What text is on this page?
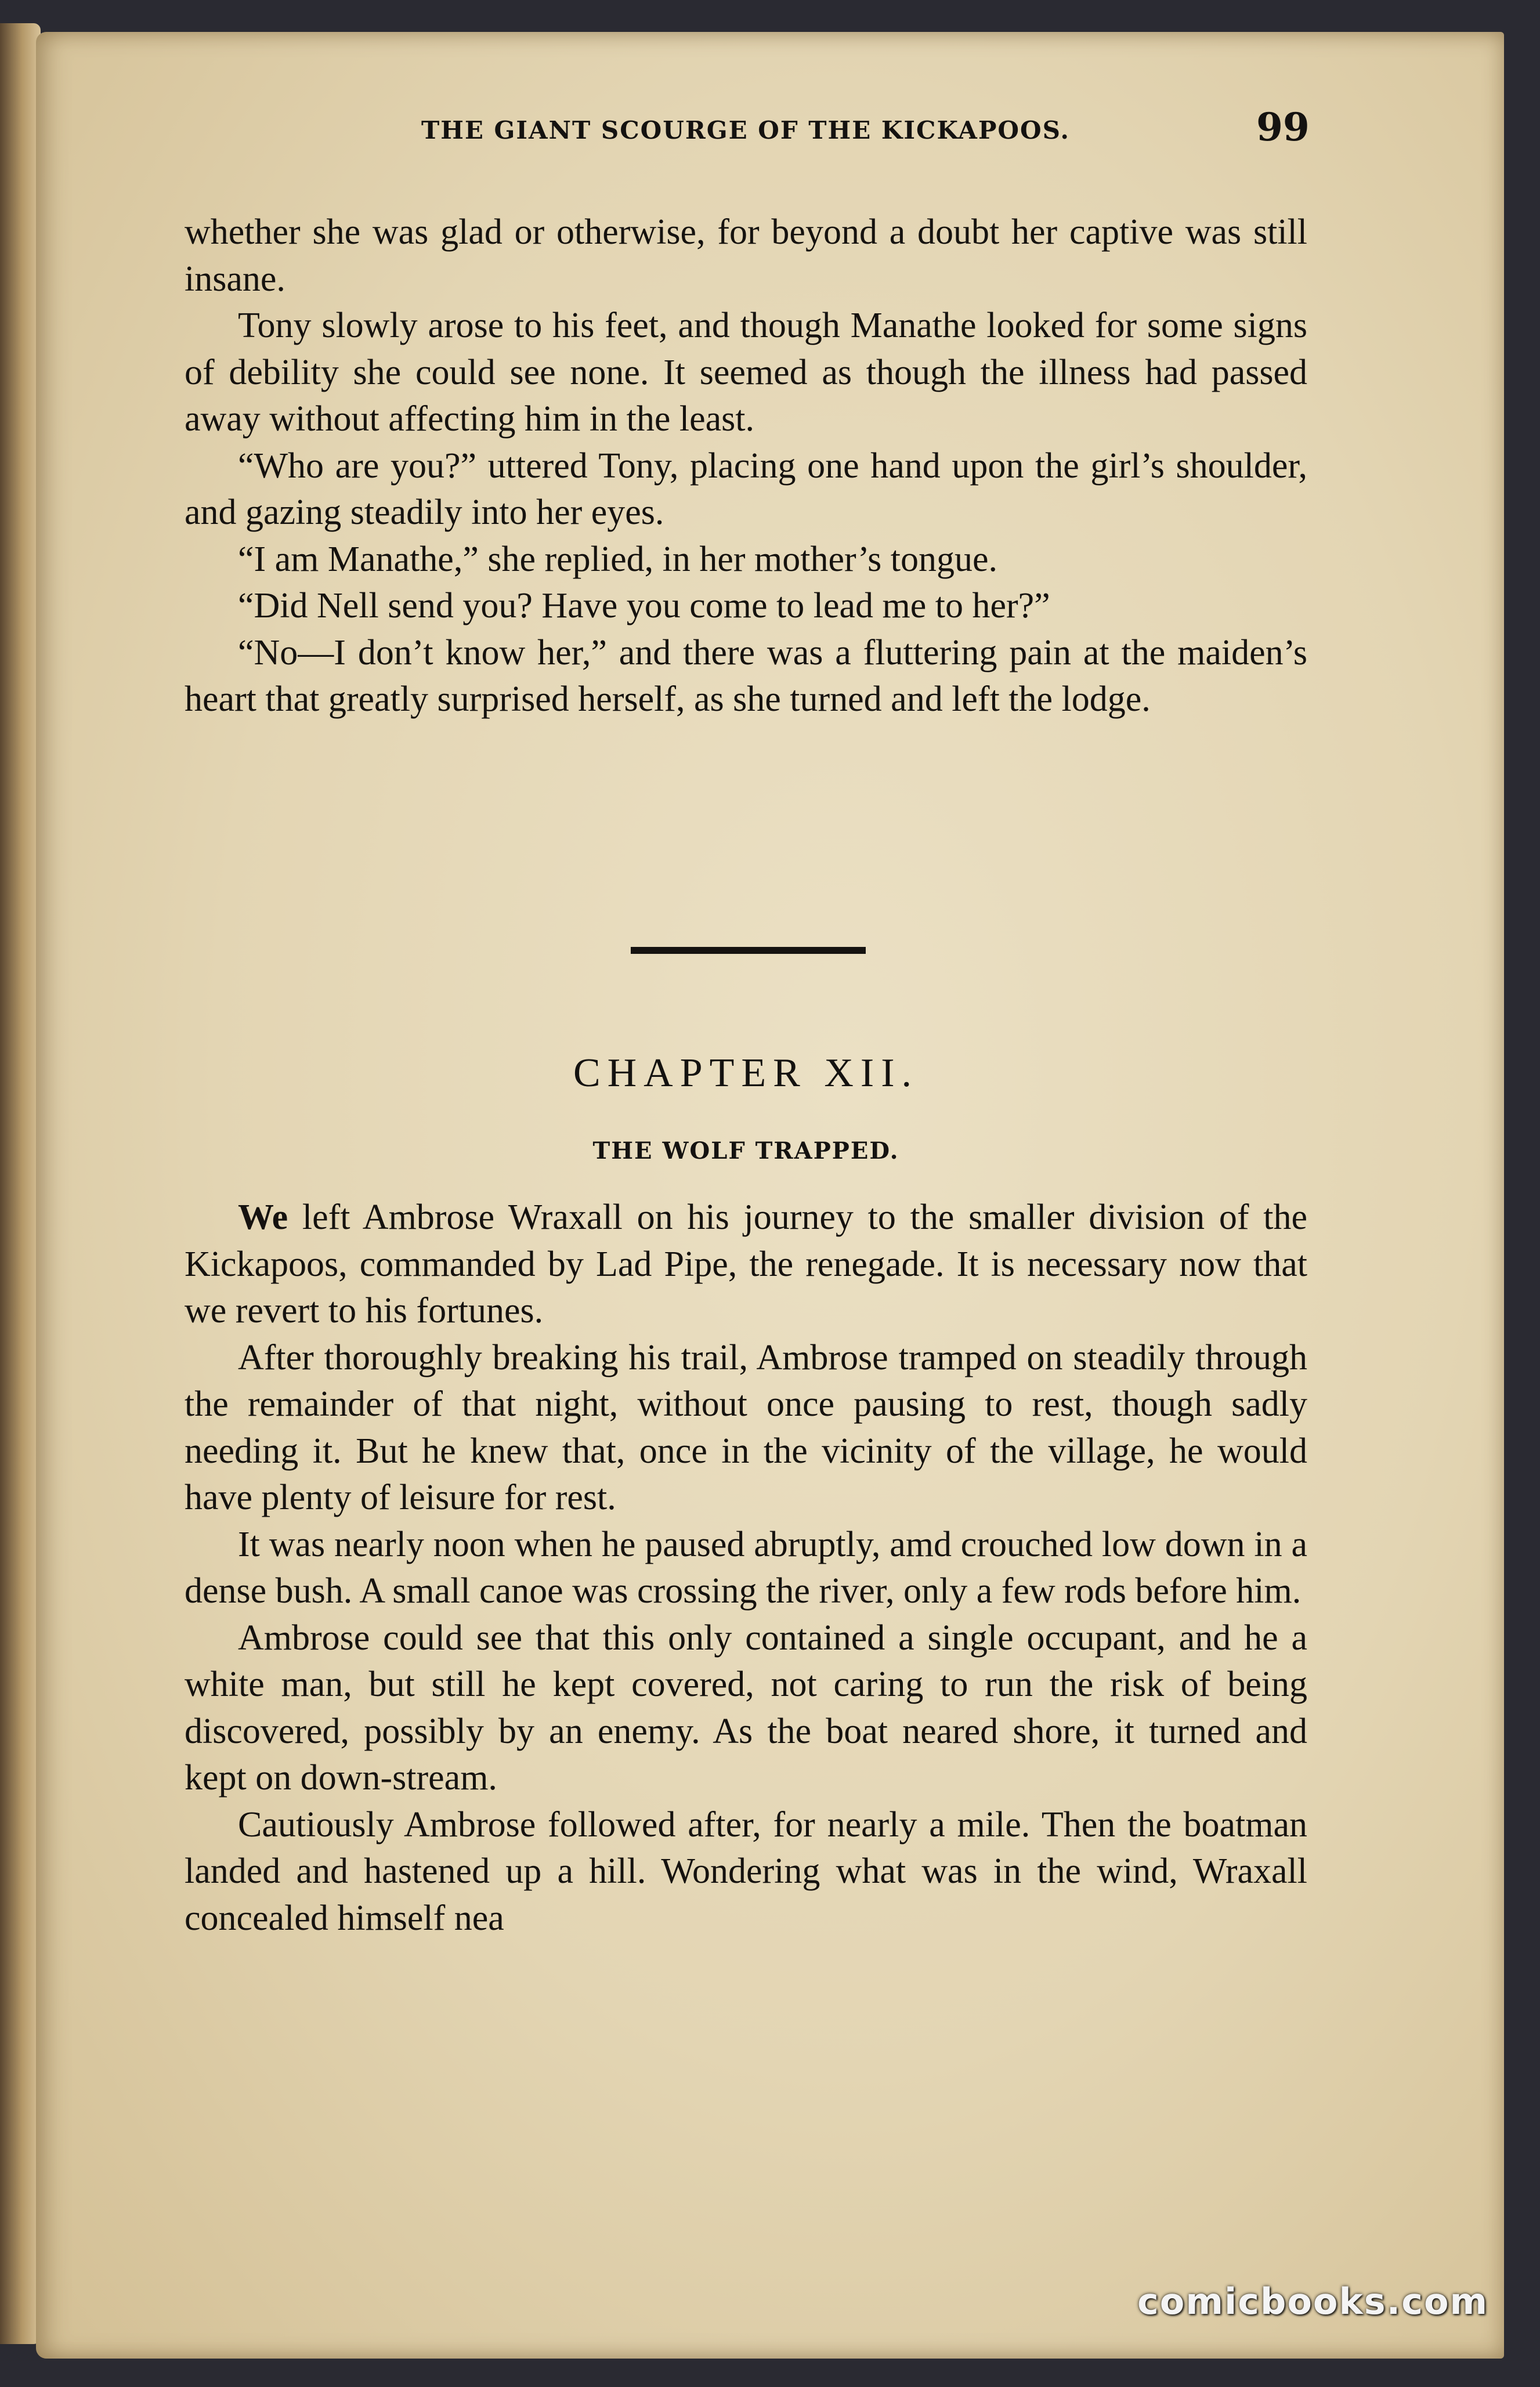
THE GIANT SCOURGE OF THE KICKAPOOS.	99

whether she was glad or otherwise, for beyond a doubt her captive was still insane.

Tony slowly arose to his feet, and though Manathe looked for some signs of debility she could see none. It seemed as though the illness had passed away without affecting him in the least.

“Who are you?” uttered Tony, placing one hand upon the girl’s shoulder, and gazing steadily into her eyes.

“I am Manathe,” she replied, in her mother’s tongue.

“Did Nell send you? Have you come to lead me to her?”

“No—I don’t know her,” and there was a fluttering pain at the maiden’s heart that greatly surprised herself, as she turned and left the lodge.

CHAPTER XII.
THE WOLF TRAPPED.

We left Ambrose Wraxall on his journey to the smaller division of the Kickapoos, commanded by Lad Pipe, the renegade. It is necessary now that we revert to his fortunes.

After thoroughly breaking his trail, Ambrose tramped on steadily through the remainder of that night, without once pausing to rest, though sadly needing it. But he knew that, once in the vicinity of the village, he would have plenty of leisure for rest.

It was nearly noon when he paused abruptly, amd crouched low down in a dense bush. A small canoe was crossing the river, only a few rods before him.

Ambrose could see that this only contained a single occupant, and he a white man, but still he kept covered, not caring to run the risk of being discovered, possibly by an enemy. As the boat neared shore, it turned and kept on down-stream.

Cautiously Ambrose followed after, for nearly a mile. Then the boatman landed and hastened up a hill. Wondering what was in the wind, Wraxall concealed himself nea

comicbooks.com
